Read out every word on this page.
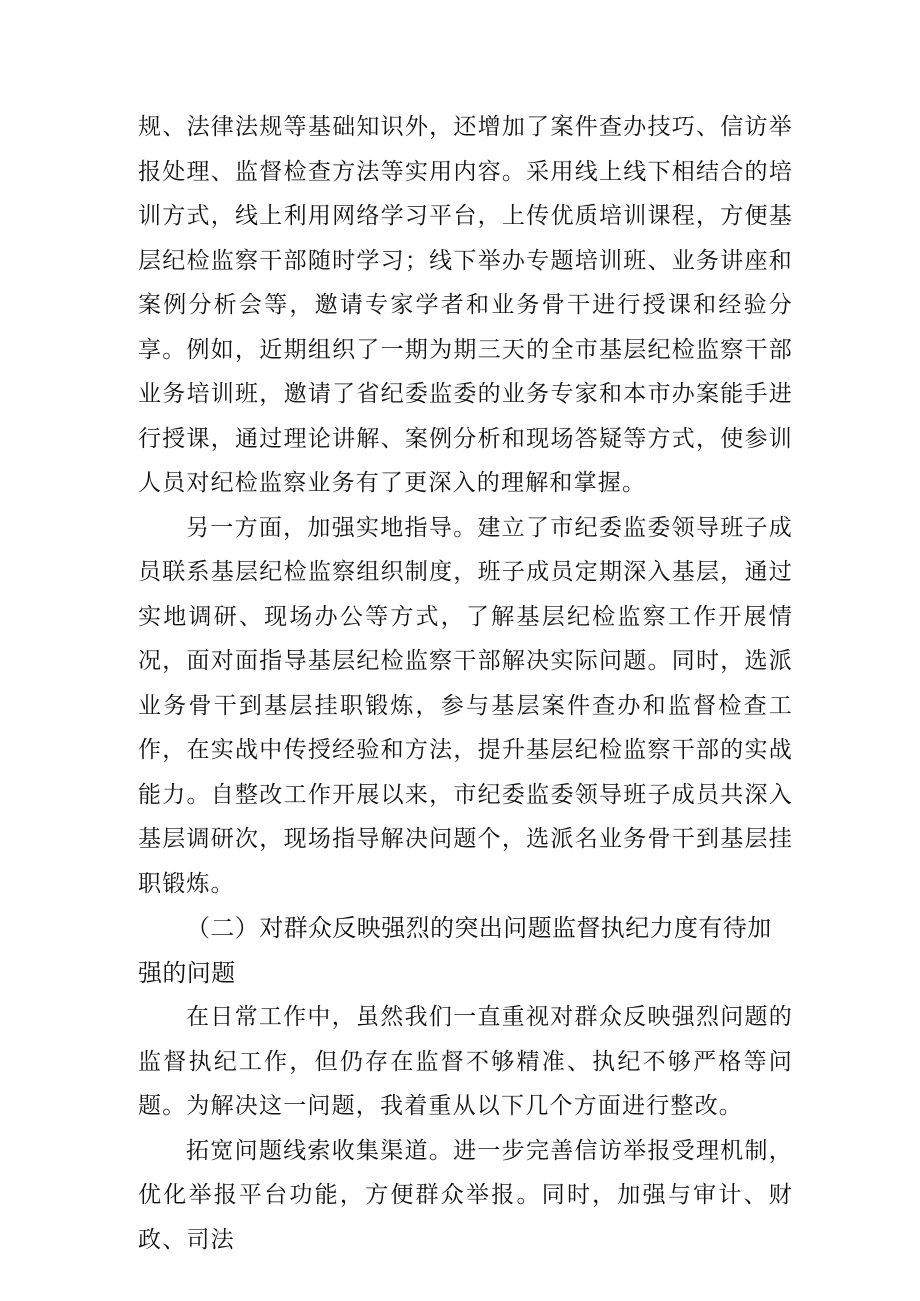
规、法律法规等基础知识外，还增加了案件查办技巧、信访举报处理、监督检查方法等实用内容。采用线上线下相结合的培训方式，线上利用网络学习平台，上传优质培训课程，方便基层纪检监察干部随时学习；线下举办专题培训班、业务讲座和案例分析会等，邀请专家学者和业务骨干进行授课和经验分享。例如，近期组织了一期为期三天的全市基层纪检监察干部业务培训班，邀请了省纪委监委的业务专家和本市办案能手进行授课，通过理论讲解、案例分析和现场答疑等方式，使参训人员对纪检监察业务有了更深入的理解和掌握。

另一方面，加强实地指导。建立了市纪委监委领导班子成员联系基层纪检监察组织制度，班子成员定期深入基层，通过实地调研、现场办公等方式，了解基层纪检监察工作开展情况，面对面指导基层纪检监察干部解决实际问题。同时，选派业务骨干到基层挂职锻炼，参与基层案件查办和监督检查工作，在实战中传授经验和方法，提升基层纪检监察干部的实战能力。自整改工作开展以来，市纪委监委领导班子成员共深入基层调研次，现场指导解决问题个，选派名业务骨干到基层挂职锻炼。

（二）对群众反映强烈的突出问题监督执纪力度有待加强的问题

在日常工作中，虽然我们一直重视对群众反映强烈问题的监督执纪工作，但仍存在监督不够精准、执纪不够严格等问题。为解决这一问题，我着重从以下几个方面进行整改。

拓宽问题线索收集渠道。进一步完善信访举报受理机制，优化举报平台功能，方便群众举报。同时，加强与审计、财政、司法
